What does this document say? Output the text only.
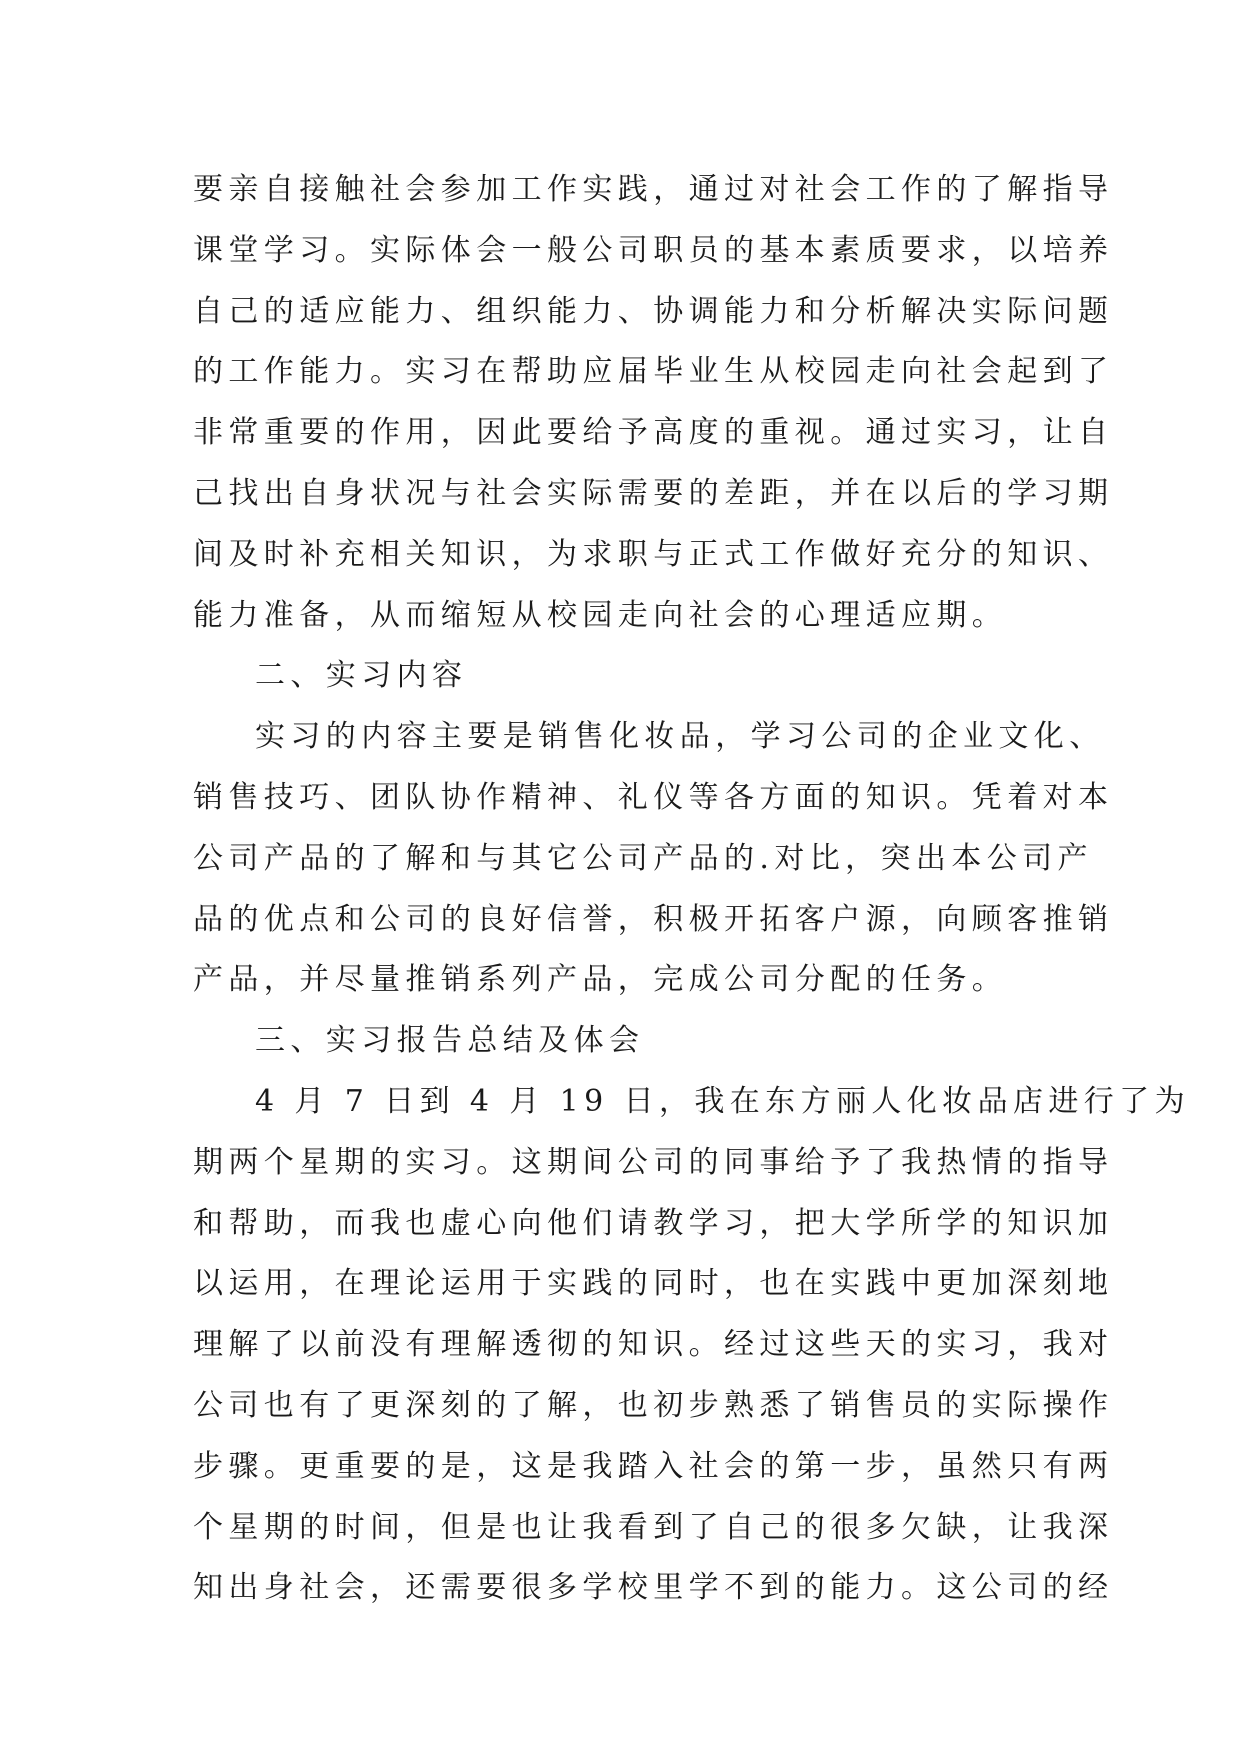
要亲自接触社会参加工作实践，通过对社会工作的了解指导
课堂学习。实际体会一般公司职员的基本素质要求，以培养
自己的适应能力、组织能力、协调能力和分析解决实际问题
的工作能力。实习在帮助应届毕业生从校园走向社会起到了
非常重要的作用，因此要给予高度的重视。通过实习，让自
己找出自身状况与社会实际需要的差距，并在以后的学习期
间及时补充相关知识，为求职与正式工作做好充分的知识、
能力准备，从而缩短从校园走向社会的心理适应期。
二、实习内容
实习的内容主要是销售化妆品，学习公司的企业文化、
销售技巧、团队协作精神、礼仪等各方面的知识。凭着对本
公司产品的了解和与其它公司产品的.对比，突出本公司产
品的优点和公司的良好信誉，积极开拓客户源，向顾客推销
产品，并尽量推销系列产品，完成公司分配的任务。
三、实习报告总结及体会
4 月 7 日到 4 月 19 日，我在东方丽人化妆品店进行了为
期两个星期的实习。这期间公司的同事给予了我热情的指导
和帮助，而我也虚心向他们请教学习，把大学所学的知识加
以运用，在理论运用于实践的同时，也在实践中更加深刻地
理解了以前没有理解透彻的知识。经过这些天的实习，我对
公司也有了更深刻的了解，也初步熟悉了销售员的实际操作
步骤。更重要的是，这是我踏入社会的第一步，虽然只有两
个星期的时间，但是也让我看到了自己的很多欠缺，让我深
知出身社会，还需要很多学校里学不到的能力。这公司的经
